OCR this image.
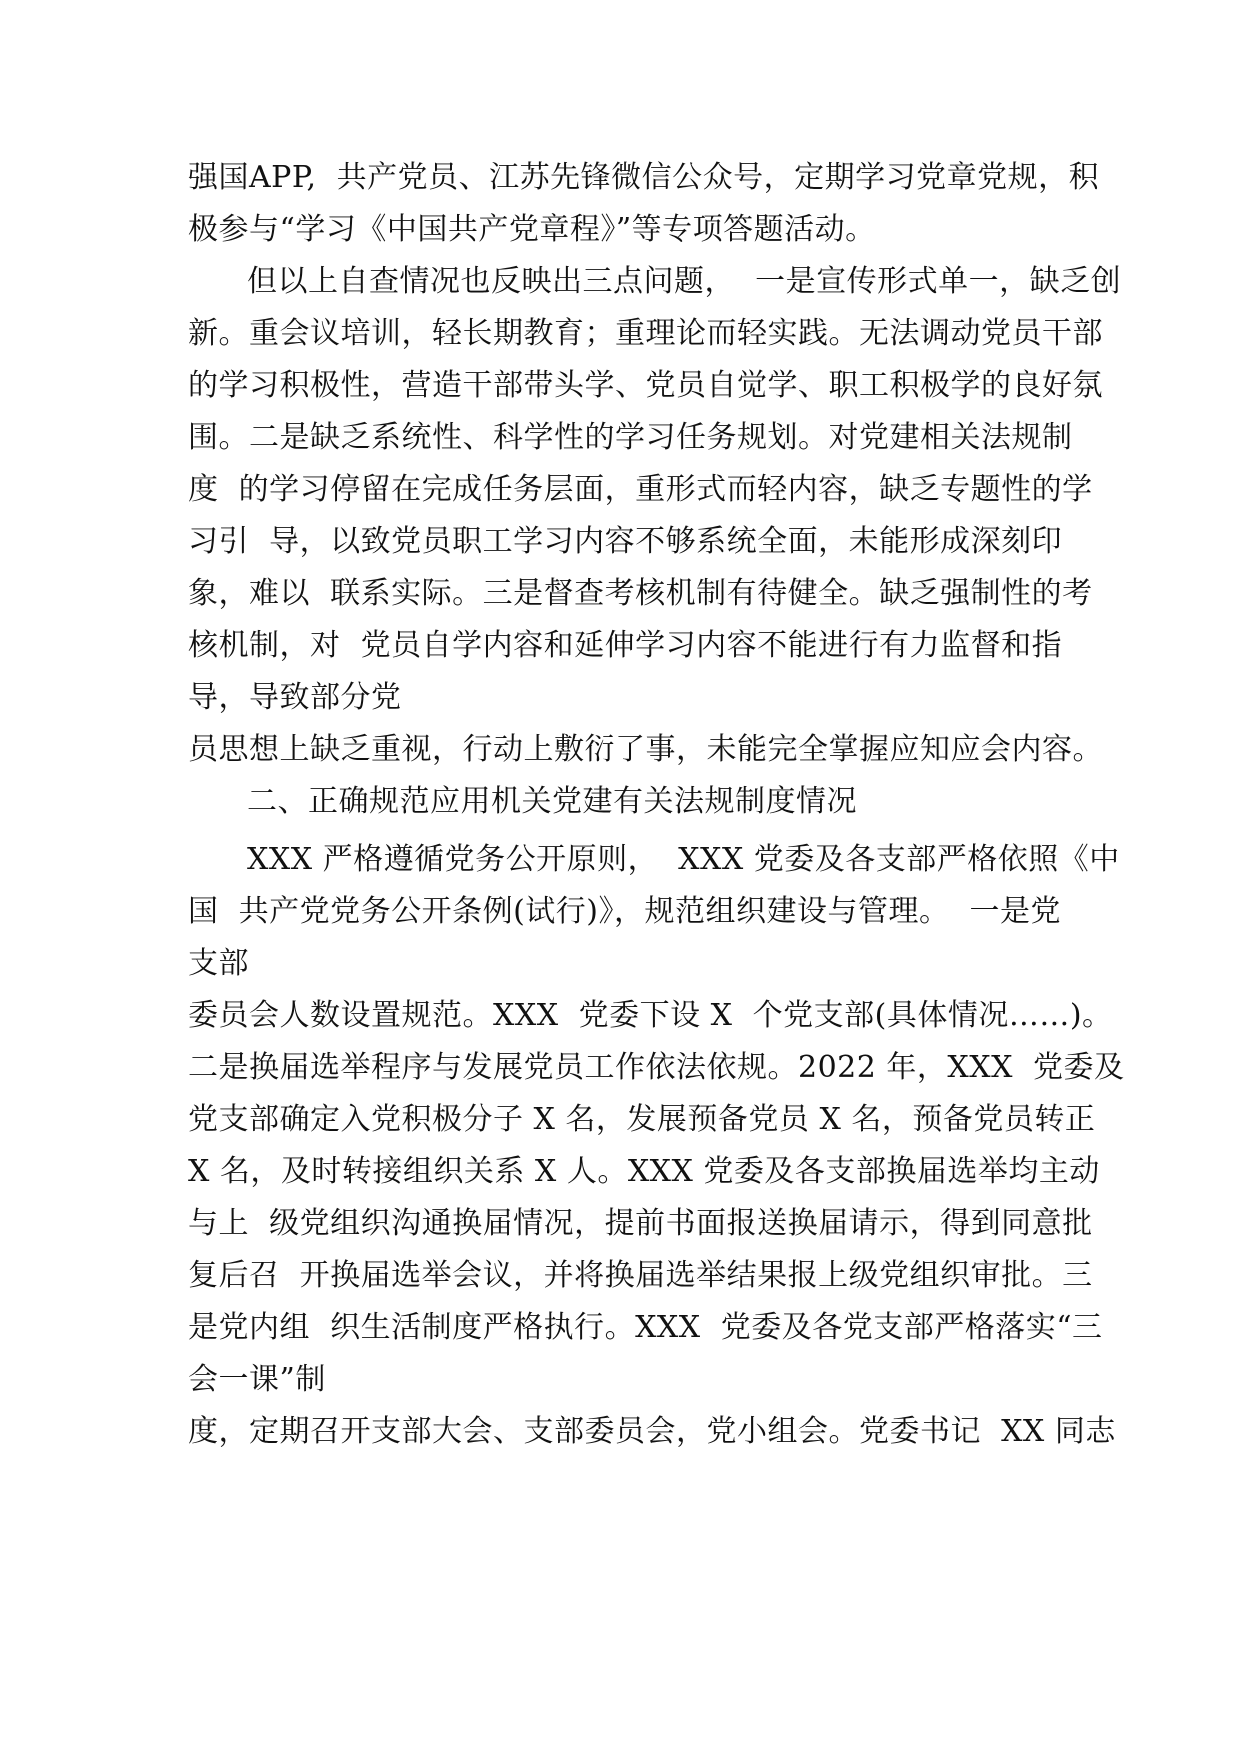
强国APP,  共产党员、江苏先锋微信公众号，定期学习党章党规，积
极参与“学习《中国共产党章程》”等专项答题活动。
但以上自查情况也反映出三点问题，  一是宣传形式单一，缺乏创
新。重会议培训，轻长期教育；重理论而轻实践。无法调动党员干部
的学习积极性，营造干部带头学、党员自觉学、职工积极学的良好氛
围。二是缺乏系统性、科学性的学习任务规划。对党建相关法规制
度  的学习停留在完成任务层面，重形式而轻内容，缺乏专题性的学
习引  导，以致党员职工学习内容不够系统全面，未能形成深刻印
象，难以  联系实际。三是督查考核机制有待健全。缺乏强制性的考
核机制，对  党员自学内容和延伸学习内容不能进行有力监督和指
导，导致部分党
员思想上缺乏重视，行动上敷衍了事，未能完全掌握应知应会内容。
二、正确规范应用机关党建有关法规制度情况
XXX 严格遵循党务公开原则，  XXX 党委及各支部严格依照《中
国  共产党党务公开条例(试行)》，规范组织建设与管理。  一是党
支部
委员会人数设置规范。XXX  党委下设 X  个党支部(具体情况……)。
二是换届选举程序与发展党员工作依法依规。2022 年，XXX  党委及
党支部确定入党积极分子 X 名，发展预备党员 X 名，预备党员转正
X 名，及时转接组织关系 X 人。XXX 党委及各支部换届选举均主动
与上  级党组织沟通换届情况，提前书面报送换届请示，得到同意批
复后召  开换届选举会议，并将换届选举结果报上级党组织审批。三
是党内组  织生活制度严格执行。XXX  党委及各党支部严格落实“三
会一课”制
度，定期召开支部大会、支部委员会，党小组会。党委书记  XX 同志
